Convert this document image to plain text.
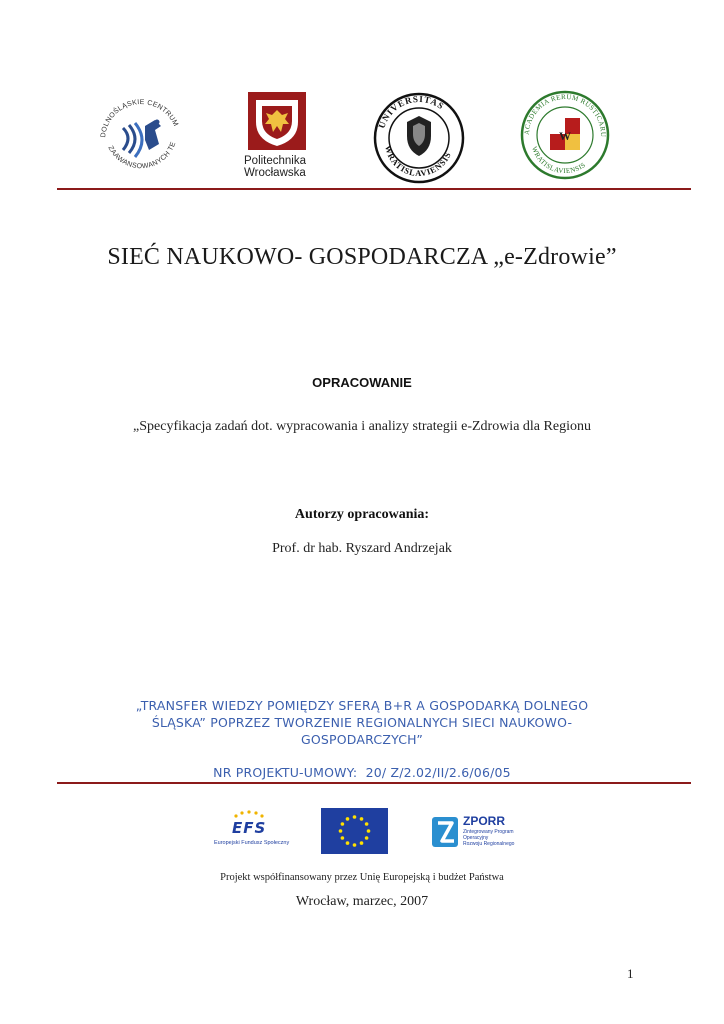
DOLNOŚLĄSKIE CENTRUM
ZAAWANSOWANYCH TE
Politechnika
Wrocławska
UNIVERSITAS
WRATISLAVIENSIS
ACADEMIA RERUM RUSTICARU
WRATISLAVIENSIS
W
SIEĆ NAUKOWO- GOSPODARCZA „e-Zdrowie”
OPRACOWANIE
„Specyfikacja zadań dot. wypracowania i analizy strategii e-Zdrowia dla Regionu
Autorzy opracowania:
Prof. dr hab. Ryszard Andrzejak
„TRANSFER WIEDZY POMIĘDZY SFERĄ B+R A GOSPODARKĄ DOLNEGO
ŚLĄSKA” POPRZEZ TWORZENIE REGIONALNYCH SIECI NAUKOWO-
GOSPODARCZYCH”
NR PROJEKTU-UMOWY:  20/ Z/2.02/II/2.6/06/05
EFS
Europejski Fundusz Społeczny
ZPORR
Zintegrowany Program
Operacyjny
Rozwoju Regionalnego
Projekt współfinansowany przez Unię Europejską i budżet Państwa
Wrocław, marzec, 2007
1
